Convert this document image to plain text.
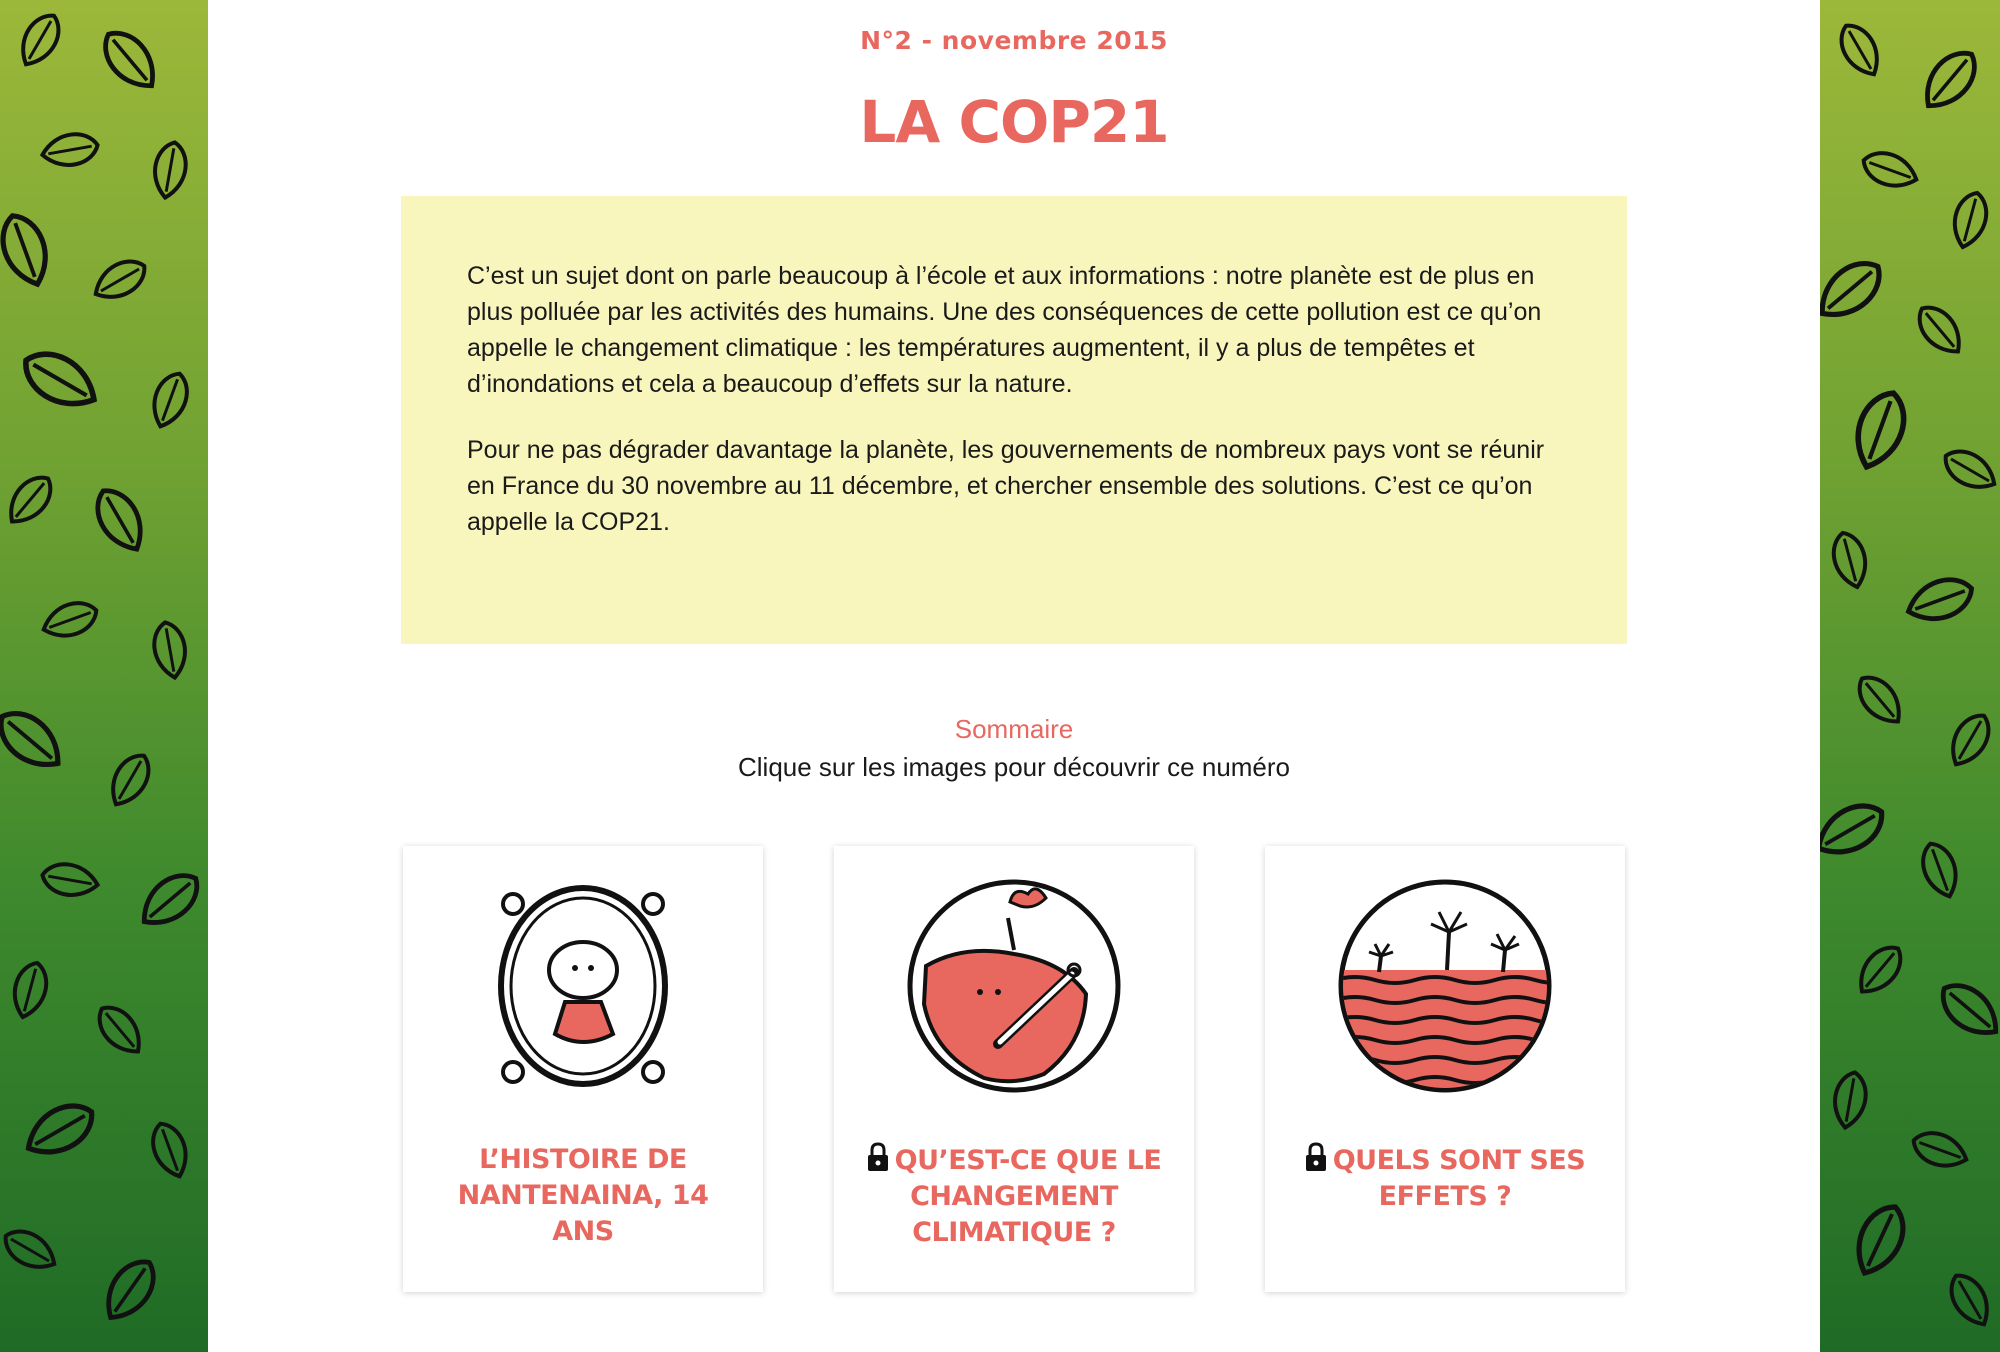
N°2 - novembre 2015
LA COP21

C’est un sujet dont on parle beaucoup à l’école et aux informations : notre planète est de plus en plus polluée par les activités des humains. Une des conséquences de cette pollution est ce qu’on appelle le changement climatique : les températures augmentent, il y a plus de tempêtes et d’inondations et cela a beaucoup d’effets sur la nature.

Pour ne pas dégrader davantage la planète, les gouvernements de nombreux pays vont se réunir en France du 30 novembre au 11 décembre, et chercher ensemble des solutions. C’est ce qu’on appelle la COP21.

Sommaire
Clique sur les images pour découvrir ce numéro
L’HISTOIRE DE NANTENAINA, 14 ANS
QU’EST-CE QUE LE CHANGEMENT CLIMATIQUE ?
QUELS SONT SES EFFETS ?
